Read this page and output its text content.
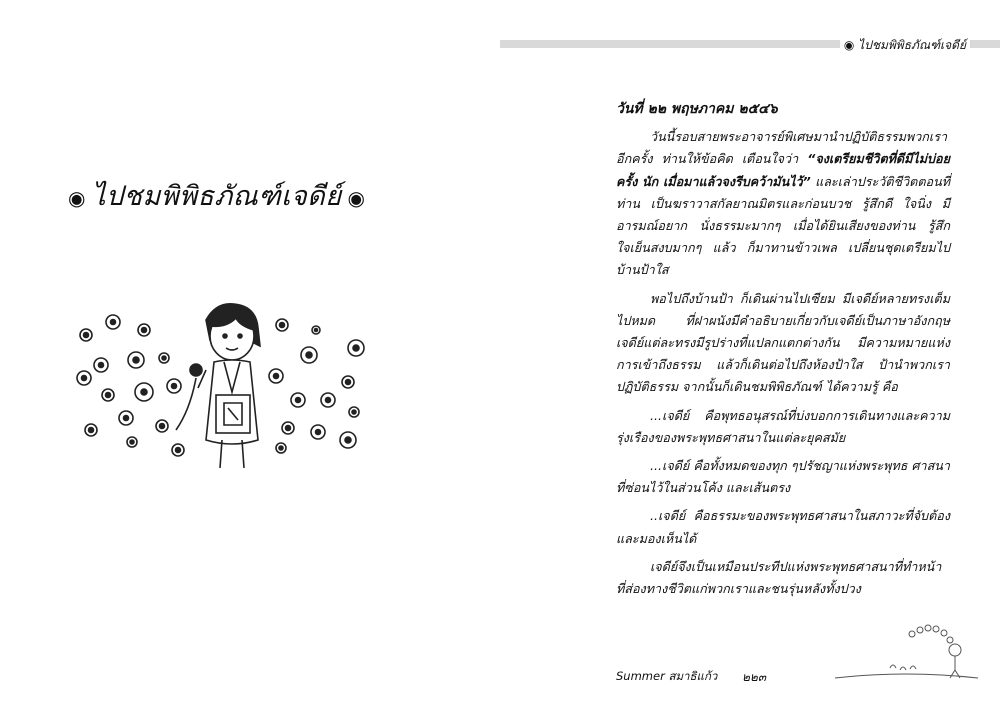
◉ ไปชมพิพิธภัณฑ์เจดีย์ ◉
◉ ไปชมพิพิธภัณฑ์เจดีย์
วันที่ ๒๒ พฤษภาคม ๒๕๔๖

วันนี้รอบสายพระอาจารย์พิเศษมานำปฏิบัติธรรมพวกเรา อีกครั้ง ท่านให้ข้อคิด เตือนใจว่า “จงเตรียมชีวิตที่ดีมีไม่บ่อยครั้ง นัก เมื่อมาแล้วจงรีบคว้ามันไว้” และเล่าประวัติชีวิตตอนที่ท่าน เป็นฆราวาสกัลยาณมิตรและก่อนบวช รู้สึกดี ใจนิ่ง มีอารมณ์อยาก นั่งธรรมะมากๆ เมื่อได้ยินเสียงของท่าน รู้สึกใจเย็นสงบมากๆ แล้ว ก็มาทานข้าวเพล เปลี่ยนชุดเตรียมไปบ้านป้าใส

พอไปถึงบ้านป้า ก็เดินผ่านไปเซียม มีเจดีย์หลายทรงเต็ม ไปหมด ที่ฝาผนังมีคำอธิบายเกี่ยวกับเจดีย์เป็นภาษาอังกฤษ เจดีย์แต่ละทรงมีรูปร่างที่แปลกแตกต่างกัน มีความหมายแห่ง การเข้าถึงธรรม แล้วก็เดินต่อไปถึงห้องป้าใส ป้านำพวกเรา ปฏิบัติธรรม จากนั้นก็เดินชมพิพิธภัณฑ์ ได้ความรู้ คือ

...เจดีย์ คือพุทธอนุสรณ์ที่บ่งบอกการเดินทางและความ รุ่งเรืองของพระพุทธศาสนาในแต่ละยุคสมัย

...เจดีย์ คือทั้งหมดของทุก ๆปรัชญาแห่งพระพุทธ ศาสนาที่ซ่อนไว้ในส่วนโค้ง และเส้นตรง

..เจดีย์ คือธรรมะของพระพุทธศาสนาในสภาวะที่จับต้อง และมองเห็นได้

เจดีย์จึงเป็นเหมือนประทีปแห่งพระพุทธศาสนาที่ทำหน้า ที่ส่องทางชีวิตแก่พวกเราและชนรุ่นหลังทั้งปวง

Summer สมาธิแก้ว ๒๒๓
